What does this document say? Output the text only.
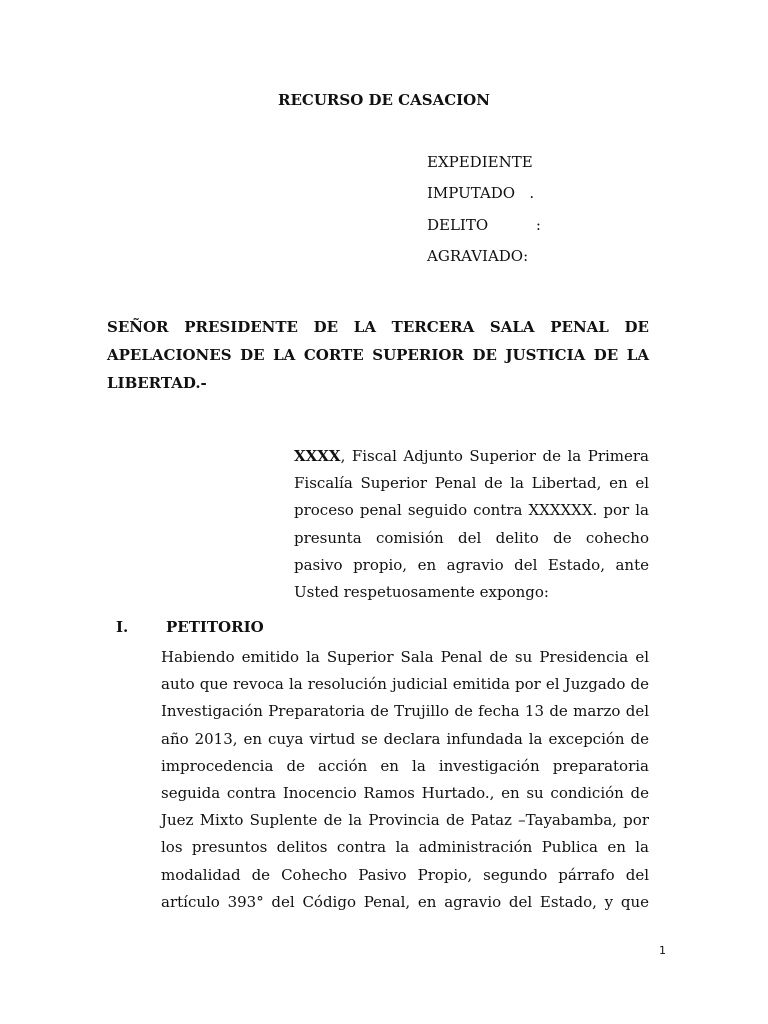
RECURSO DE CASACION
EXPEDIENTE
IMPUTADO   .
DELITO          :
AGRAVIADO:
SEÑOR PRESIDENTE DE LA TERCERA SALA PENAL DE
APELACIONES DE LA CORTE SUPERIOR DE JUSTICIA DE LA
LIBERTAD.-
XXXX, Fiscal Adjunto Superior de la Primera
Fiscalía Superior Penal de la Libertad, en el
proceso penal seguido contra XXXXXX. por la
presunta comisión del delito de cohecho
pasivo propio, en agravio del Estado, ante
Usted respetuosamente expongo:
I.	PETITORIO
Habiendo emitido la Superior Sala Penal de su Presidencia el
auto que revoca la resolución judicial emitida por el Juzgado de
Investigación Preparatoria de Trujillo de fecha 13 de marzo del
año 2013, en cuya virtud se declara infundada la excepción de
improcedencia de acción en la investigación preparatoria
seguida contra Inocencio Ramos Hurtado., en su condición de
Juez Mixto Suplente de la Provincia de Pataz –Tayabamba, por
los presuntos delitos contra la administración Publica en la
modalidad de Cohecho Pasivo Propio, segundo párrafo del
artículo 393° del Código Penal, en agravio del Estado, y que
1
